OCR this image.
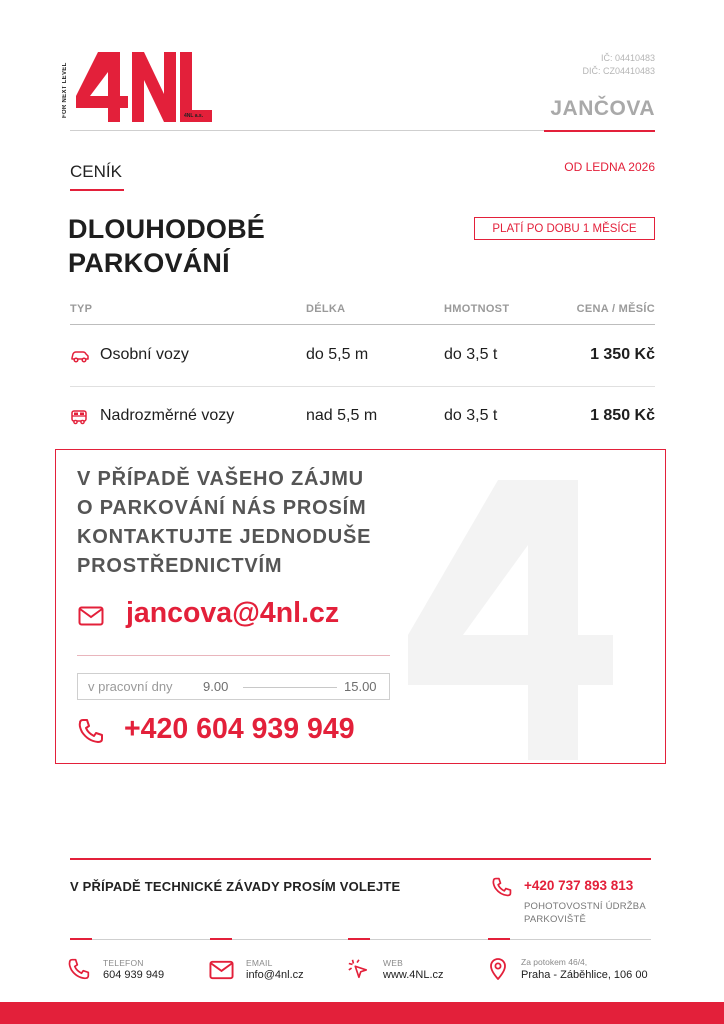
FOR NEXT LEVEL	4NL a.s.
IČ: 04410483
DIČ: CZ04410483
JANČOVA
CENÍK	OD LEDNA 2026
DLOUHODOBÉ
PARKOVÁNÍ
PLATÍ PO DOBU 1 MĚSÍCE
TYP	DÉLKA	HMOTNOST	CENA / MĚSÍC
Osobní vozy	do 5,5 m	do 3,5 t	1 350 Kč
Nadrozměrné vozy	nad 5,5 m	do 3,5 t	1 850 Kč
V PŘÍPADĚ VAŠEHO ZÁJMU
O PARKOVÁNÍ NÁS PROSÍM
KONTAKTUJTE JEDNODUŠE
PROSTŘEDNICTVÍM
jancova@4nl.cz
v pracovní dny 9.00	15.00
+420 604 939 949
V PŘÍPADĚ TECHNICKÉ ZÁVADY PROSÍM VOLEJTE	+420 737 893 813
POHOTOVOSTNÍ ÚDRŽBA
PARKOVIŠTĚ
TELEFON
604 939 949
EMAIL
info@4nl.cz
WEB
www.4NL.cz
Za potokem 46/4,
Praha - Záběhlice, 106 00
